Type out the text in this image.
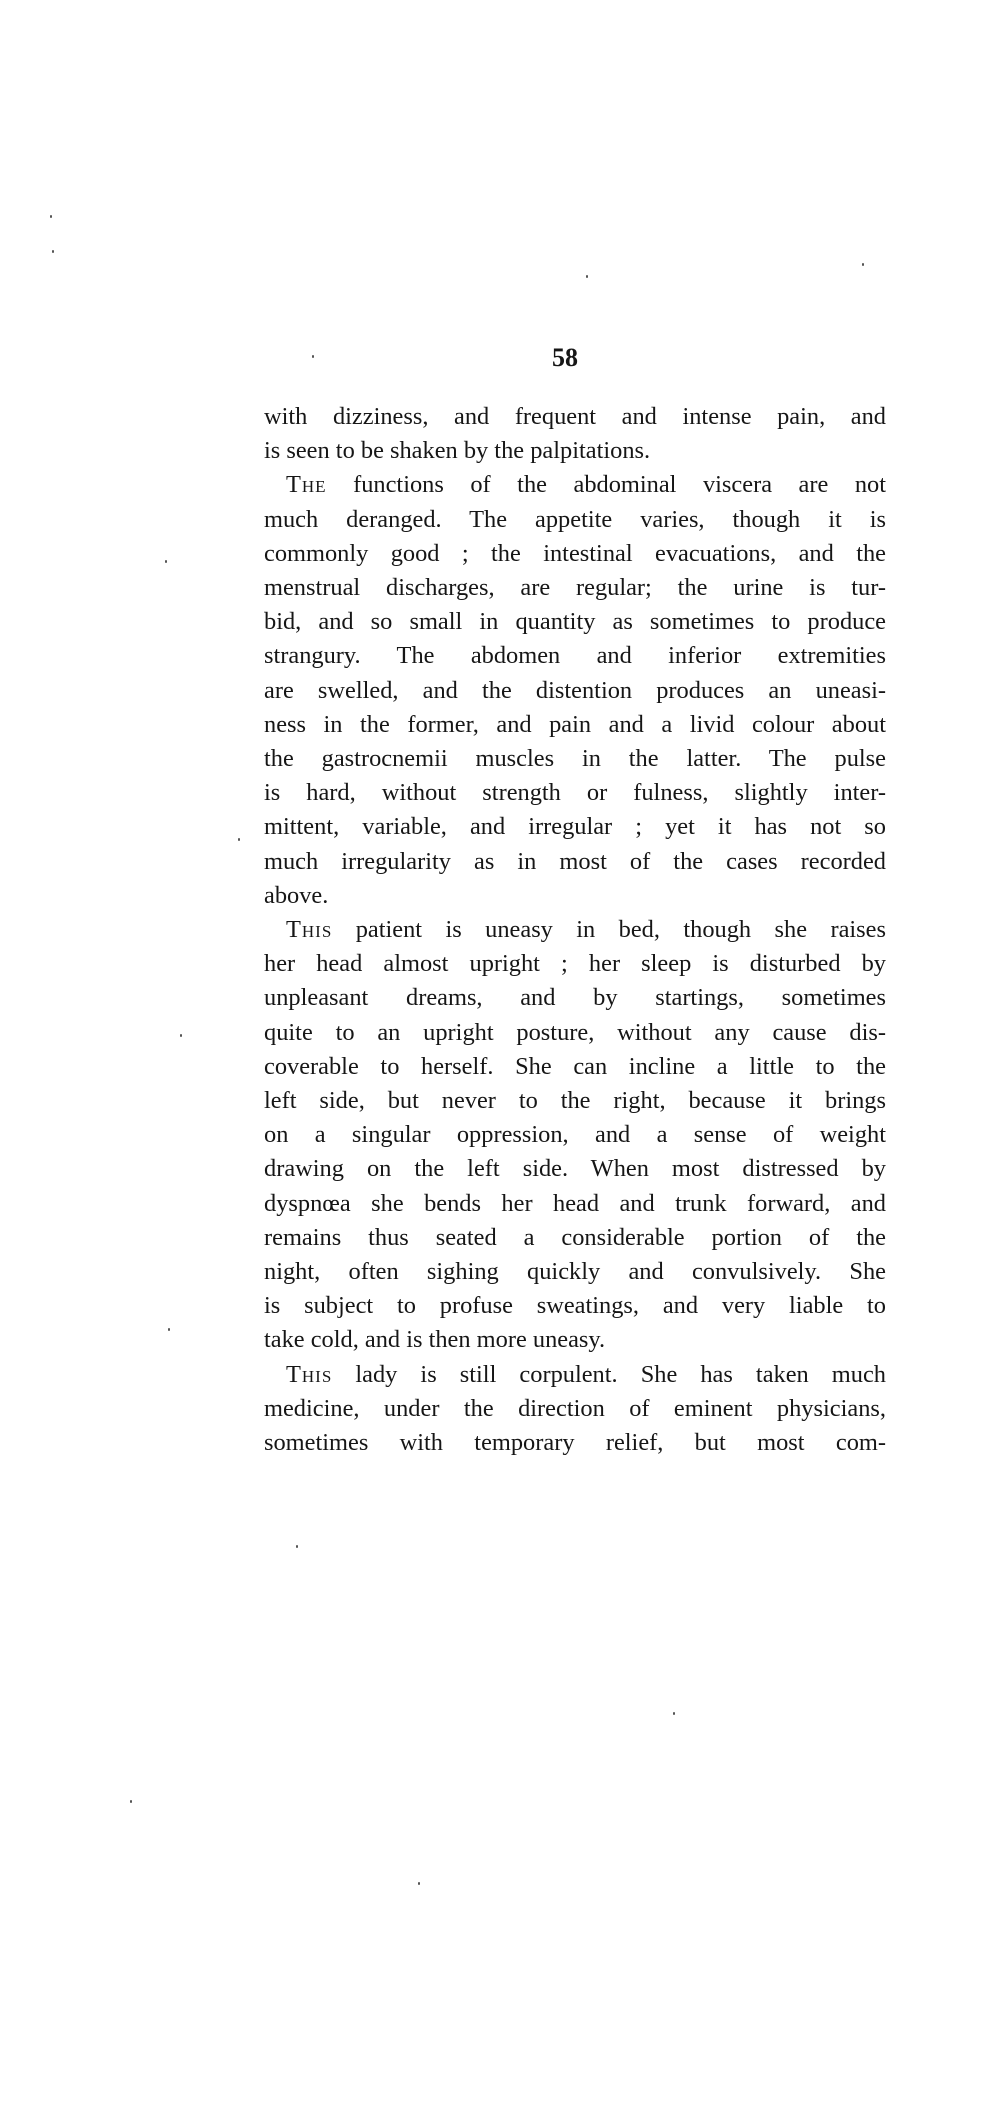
58

with dizziness, and frequent and intense pain, and
is seen to be shaken by the palpitations.

The functions of the abdominal viscera are not
much deranged. The appetite varies, though it is
commonly good ; the intestinal evacuations, and the
menstrual discharges, are regular; the urine is tur-
bid, and so small in quantity as sometimes to produce
strangury. The abdomen and inferior extremities
are swelled, and the distention produces an uneasi-
ness in the former, and pain and a livid colour about
the gastrocnemii muscles in the latter. The pulse
is hard, without strength or fulness, slightly inter-
mittent, variable, and irregular ; yet it has not so
much irregularity as in most of the cases recorded
above.

This patient is uneasy in bed, though she raises
her head almost upright ; her sleep is disturbed by
unpleasant dreams, and by startings, sometimes
quite to an upright posture, without any cause dis-
coverable to herself. She can incline a little to the
left side, but never to the right, because it brings
on a singular oppression, and a sense of weight
drawing on the left side. When most distressed by
dyspnœa she bends her head and trunk forward, and
remains thus seated a considerable portion of the
night, often sighing quickly and convulsively. She
is subject to profuse sweatings, and very liable to
take cold, and is then more uneasy.

This lady is still corpulent. She has taken much
medicine, under the direction of eminent physicians,
sometimes with temporary relief, but most com-
